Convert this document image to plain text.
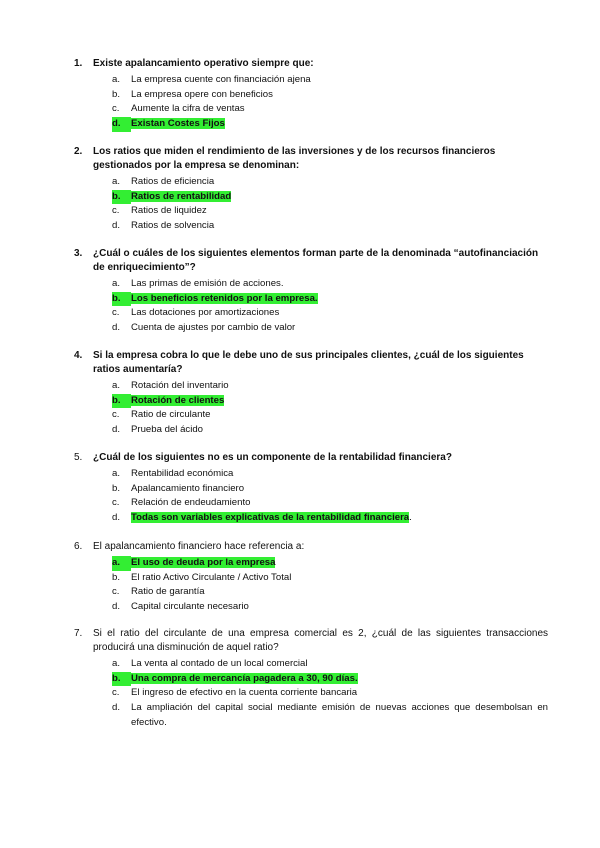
1.	Existe apalancamiento operativo siempre que:
a.	La empresa cuente con financiación ajena
b.	La empresa opere con beneficios
c.	Aumente la cifra de ventas
d.	Existan Costes Fijos
2.	Los ratios que miden el rendimiento de las inversiones y de los recursos financieros gestionados por la empresa se denominan:
a.	Ratios de eficiencia
b.	Ratios de rentabilidad
c.	Ratios de liquidez
d.	Ratios de solvencia
3.	¿Cuál o cuáles de los siguientes elementos forman parte de la denominada “autofinanciación de enriquecimiento”?
a.	Las primas de emisión de acciones.
b.	Los beneficios retenidos por la empresa.
c.	Las dotaciones por amortizaciones
d.	Cuenta de ajustes por cambio de valor
4.	Si la empresa cobra lo que le debe uno de sus principales clientes, ¿cuál de los siguientes ratios aumentaría?
a.	Rotación del inventario
b.	Rotación de clientes
c.	Ratio de circulante
d.	Prueba del ácido
5.	¿Cuál de los siguientes no es un componente de la rentabilidad financiera?
a.	Rentabilidad económica
b.	Apalancamiento financiero
c.	Relación de endeudamiento
d.	Todas son variables explicativas de la rentabilidad financiera.
6.	El apalancamiento financiero hace referencia a:
a.	El uso de deuda por la empresa
b.	El ratio Activo Circulante / Activo Total
c.	Ratio de garantía
d.	Capital circulante necesario
7.	Si el ratio del circulante de una empresa comercial es 2, ¿cuál de las siguientes transacciones producirá una disminución de aquel ratio?
a.	La venta al contado de un local comercial
b.	Una compra de mercancía pagadera a 30, 90 días.
c.	El ingreso de efectivo en la cuenta corriente bancaria
d.	La ampliación del capital social mediante emisión de nuevas acciones que desembolsan en efectivo.
